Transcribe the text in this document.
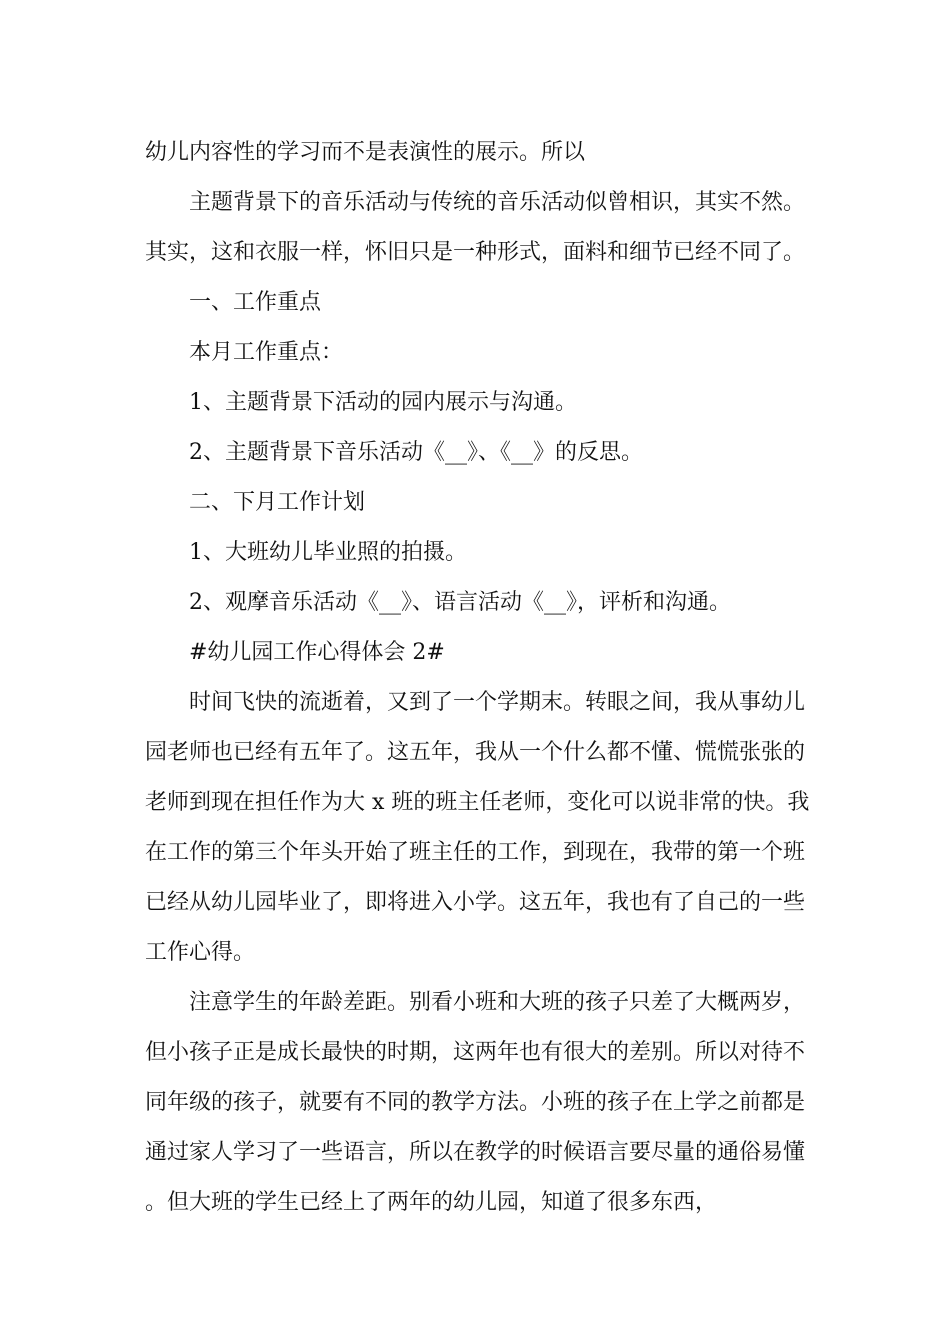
幼儿内容性的学习而不是表演性的展示。所以

主题背景下的音乐活动与传统的音乐活动似曾相识，其实不然。其实，这和衣服一样，怀旧只是一种形式，面料和细节已经不同了。

一、工作重点

本月工作重点：

1、主题背景下活动的园内展示与沟通。

2、主题背景下音乐活动《__》、《__》的反思。

二、下月工作计划

1、大班幼儿毕业照的拍摄。

2、观摩音乐活动《__》、语言活动《__》，评析和沟通。

#幼儿园工作心得体会 2#

时间飞快的流逝着，又到了一个学期末。转眼之间，我从事幼儿园老师也已经有五年了。这五年，我从一个什么都不懂、慌慌张张的老师到现在担任作为大 x 班的班主任老师，变化可以说非常的快。我在工作的第三个年头开始了班主任的工作，到现在，我带的第一个班已经从幼儿园毕业了，即将进入小学。这五年，我也有了自己的一些工作心得。

注意学生的年龄差距。别看小班和大班的孩子只差了大概两岁，但小孩子正是成长最快的时期，这两年也有很大的差别。所以对待不同年级的孩子，就要有不同的教学方法。小班的孩子在上学之前都是通过家人学习了一些语言，所以在教学的时候语言要尽量的通俗易懂。但大班的学生已经上了两年的幼儿园，知道了很多东西，
